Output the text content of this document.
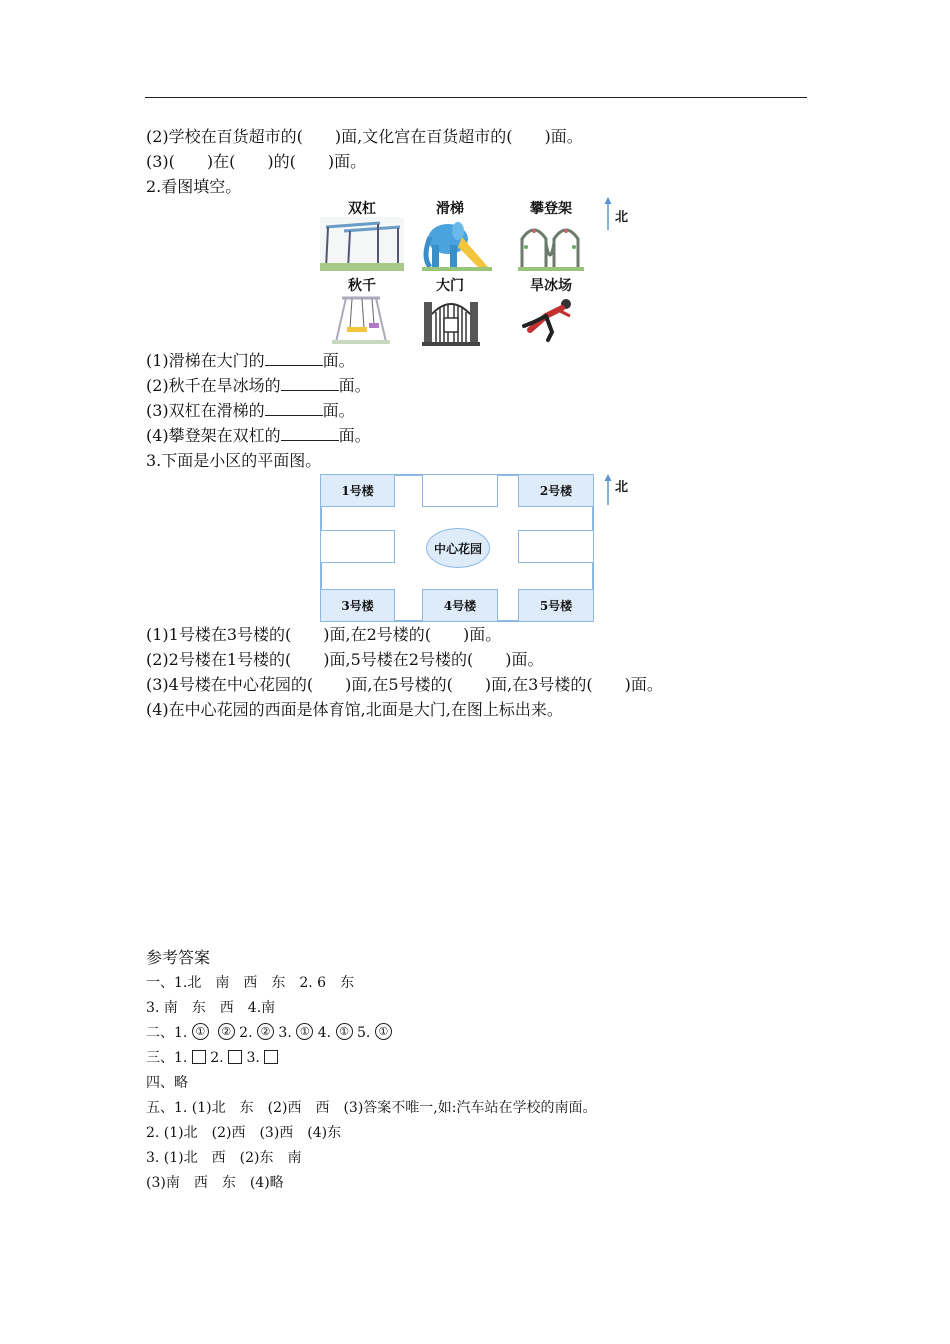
(2)学校在百货超市的(　　)面,文化宫在百货超市的(　　)面。
(3)(　　)在(　　)的(　　)面。
2.看图填空。
双杠	滑梯	攀登架
秋千	大门	旱冰场
北
(1)滑梯在大门的	面。
(2)秋千在旱冰场的	面。
(3)双杠在滑梯的	面。
(4)攀登架在双杠的	面。
3.下面是小区的平面图。
1号楼	2号楼
3号楼	4号楼	5号楼
中心花园
北
(1)1号楼在3号楼的(　　)面,在2号楼的(　　)面。
(2)2号楼在1号楼的(　　)面,5号楼在2号楼的(　　)面。
(3)4号楼在中心花园的(　　)面,在5号楼的(　　)面,在3号楼的(　　)面。
(4)在中心花园的西面是体育馆,北面是大门,在图上标出来。
参考答案
一、1.北　南　西　东　2. 6　东
3. 南　东　西　4.南
二、1. ① ② 2. ② 3. ① 4. ① 5. ①
三、1.  2.  3.
四、略
五、1. (1)北　东　(2)西　西　(3)答案不唯一,如:汽车站在学校的南面。
2. (1)北　(2)西　(3)西　(4)东
3. (1)北　西　(2)东　南
(3)南　西　东　(4)略
